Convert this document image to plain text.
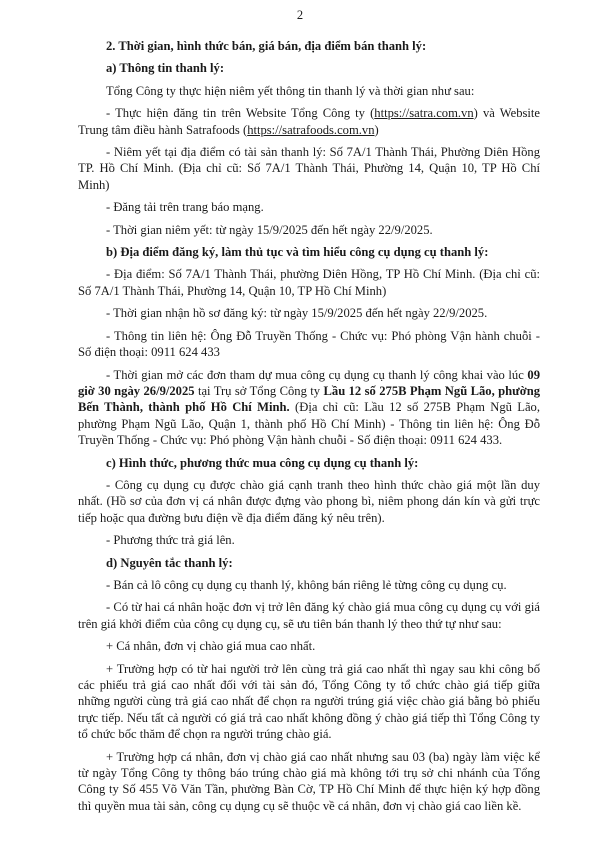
2

2. Thời gian, hình thức bán, giá bán, địa điểm bán thanh lý:

a) Thông tin thanh lý:

Tổng Công ty thực hiện niêm yết thông tin thanh lý và thời gian như sau:

- Thực hiện đăng tin trên Website Tổng Công ty (https://satra.com.vn) và Website Trung tâm điều hành Satrafoods (https://satrafoods.com.vn)

- Niêm yết tại địa điểm có tài sản thanh lý: Số 7A/1 Thành Thái, Phường Diên Hồng TP. Hồ Chí Minh. (Địa chỉ cũ: Số 7A/1 Thành Thái, Phường 14, Quận 10, TP Hồ Chí Minh)

- Đăng tải trên trang báo mạng.

- Thời gian niêm yết: từ ngày 15/9/2025 đến hết ngày 22/9/2025.

b) Địa điểm đăng ký, làm thủ tục và tìm hiểu công cụ dụng cụ thanh lý:

- Địa điểm: Số 7A/1 Thành Thái, phường Diên Hồng, TP Hồ Chí Minh. (Địa chỉ cũ: Số 7A/1 Thành Thái, Phường 14, Quận 10, TP Hồ Chí Minh)

- Thời gian nhận hồ sơ đăng ký: từ ngày 15/9/2025 đến hết ngày 22/9/2025.

- Thông tin liên hệ: Ông Đỗ Truyền Thống - Chức vụ: Phó phòng Vận hành chuỗi - Số điện thoại: 0911 624 433

- Thời gian mở các đơn tham dự mua công cụ dụng cụ thanh lý công khai vào lúc 09 giờ 30 ngày 26/9/2025 tại Trụ sở Tổng Công ty Lầu 12 số 275B Phạm Ngũ Lão, phường Bến Thành, thành phố Hồ Chí Minh. (Địa chỉ cũ: Lầu 12 số 275B Phạm Ngũ Lão, phường Phạm Ngũ Lão, Quận 1, thành phố Hồ Chí Minh) - Thông tin liên hệ: Ông Đỗ Truyền Thống - Chức vụ: Phó phòng Vận hành chuỗi - Số điện thoại: 0911 624 433.

c) Hình thức, phương thức mua công cụ dụng cụ thanh lý:

- Công cụ dụng cụ được chào giá cạnh tranh theo hình thức chào giá một lần duy nhất. (Hồ sơ của đơn vị cá nhân được đựng vào phong bì, niêm phong dán kín và gửi trực tiếp hoặc qua đường bưu điện về địa điểm đăng ký nêu trên).

- Phương thức trả giá lên.

d) Nguyên tắc thanh lý:

- Bán cả lô công cụ dụng cụ thanh lý, không bán riêng lẻ từng công cụ dụng cụ.

- Có từ hai cá nhân hoặc đơn vị trở lên đăng ký chào giá mua công cụ dụng cụ với giá trên giá khởi điểm của công cụ dụng cụ, sẽ ưu tiên bán thanh lý theo thứ tự như sau:

+ Cá nhân, đơn vị chào giá mua cao nhất.

+ Trường hợp có từ hai người trở lên cùng trả giá cao nhất thì ngay sau khi công bố các phiếu trả giá cao nhất đối với tài sản đó, Tổng Công ty tổ chức chào giá tiếp giữa những người cùng trả giá cao nhất để chọn ra người trúng giá việc chào giá bằng bỏ phiếu trực tiếp. Nếu tất cả người có giá trả cao nhất không đồng ý chào giá tiếp thì Tổng Công ty tổ chức bốc thăm để chọn ra người trúng chào giá.

+ Trường hợp cá nhân, đơn vị chào giá cao nhất nhưng sau 03 (ba) ngày làm việc kể từ ngày Tổng Công ty thông báo trúng chào giá mà không tới trụ sở chi nhánh của Tổng Công ty Số 455 Võ Văn Tần, phường Bàn Cờ, TP Hồ Chí Minh để thực hiện ký hợp đồng thì quyền mua tài sản, công cụ dụng cụ sẽ thuộc về cá nhân, đơn vị chào giá cao liền kề.
